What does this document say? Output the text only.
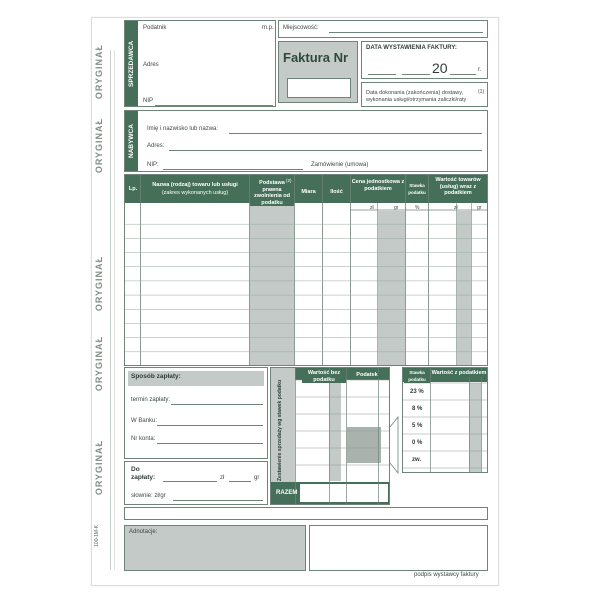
ORYGINAŁ
ORYGINAŁ
ORYGINAŁ
ORYGINAŁ
ORYGINAŁ
100-1M-K
SPRZEDAWCA
Podatnik
Adres
NIP
m.p. Miejscowość:
Faktura Nr
DATA WYSTAWIENIA FAKTURY:
20	r.
Data dokonania (zakończenia) dostawy,
wykonania usługi/otrzymania zaliczki/raty
(1)
NABYWCA	Imię i nazwisko lub nazwa:
Adres:
NIP:	Zamówienie (umowa)
Lp.
Nazwa (rodzaj) towaru lub usługi
(zakres wykonanych usług)
Podstawa prawna zwolnienia od podatku
(2)
Miara	Ilość
Cena jednostkowa z podatkiem	Stawka podatku
Wartość towarów (usług) wraz z podatkiem
zł	gr	%	zł	gr
Sposób zapłaty:
termin zapłaty:
W Banku:
Nr konta:
Do
zapłaty:	zł	gr
słownie: zł/gr
Zestawienie sprzedaży wg stawek podatku
Wartość bez podatku
Podatek	Stawka podatku
Wartość z podatkiem
23 %
8 %
5 %
0 %
zw.
RAZEM
Adnotacje:
podpis wystawcy faktury
